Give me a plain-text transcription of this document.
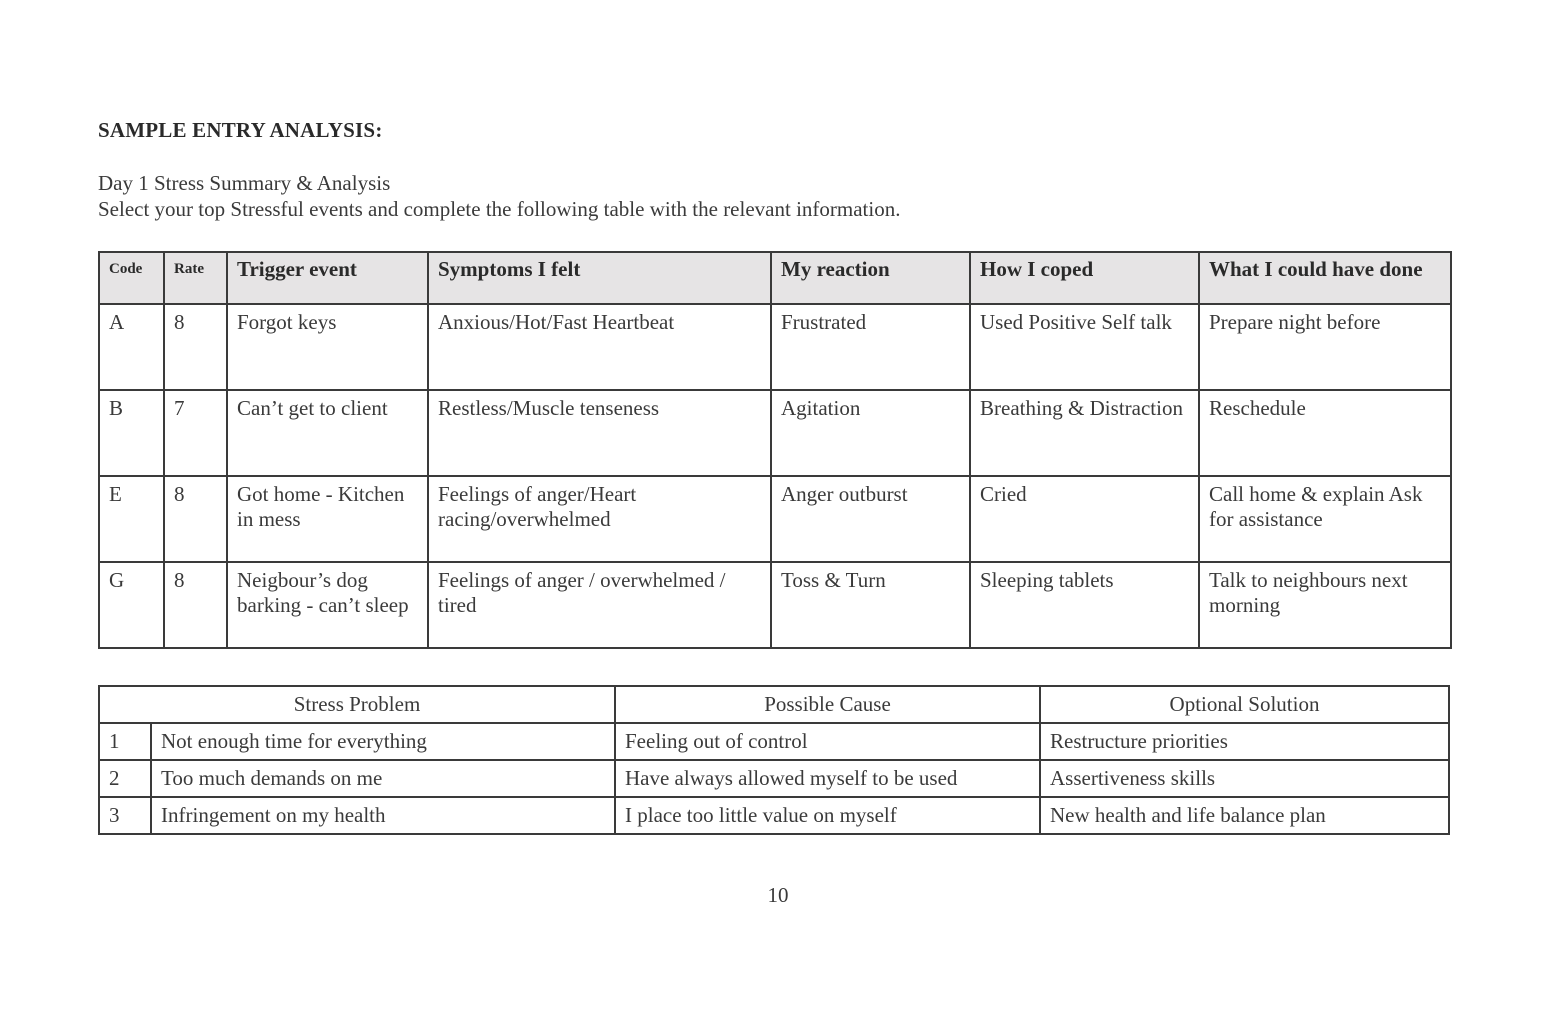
SAMPLE ENTRY ANALYSIS:
Day 1 Stress Summary & Analysis
Select your top Stressful events and complete the following table with the relevant information.
Code	Rate	Trigger event	Symptoms I felt	My reaction	How I coped	What I could have done
A	8	Forgot keys	Anxious/Hot/Fast Heartbeat	Frustrated	Used Positive Self talk	Prepare night before
B	7	Can’t get to client	Restless/Muscle tenseness	Agitation	Breathing & Distraction	Reschedule
E	8	Got home - Kitchen in mess	Feelings of anger/Heart racing/overwhelmed	Anger outburst	Cried	Call home & explain Ask for assistance
G	8	Neigbour’s dog barking - can’t sleep	Feelings of anger / overwhelmed / tired	Toss & Turn	Sleeping tablets	Talk to neighbours next morning
Stress Problem		Possible Cause	Optional Solution
1	Not enough time for everything	Feeling out of control	Restructure priorities
2	Too much demands on me	Have always allowed myself to be used	Assertiveness skills
3	Infringement on my health	I place too little value on myself	New health and life balance plan
10
